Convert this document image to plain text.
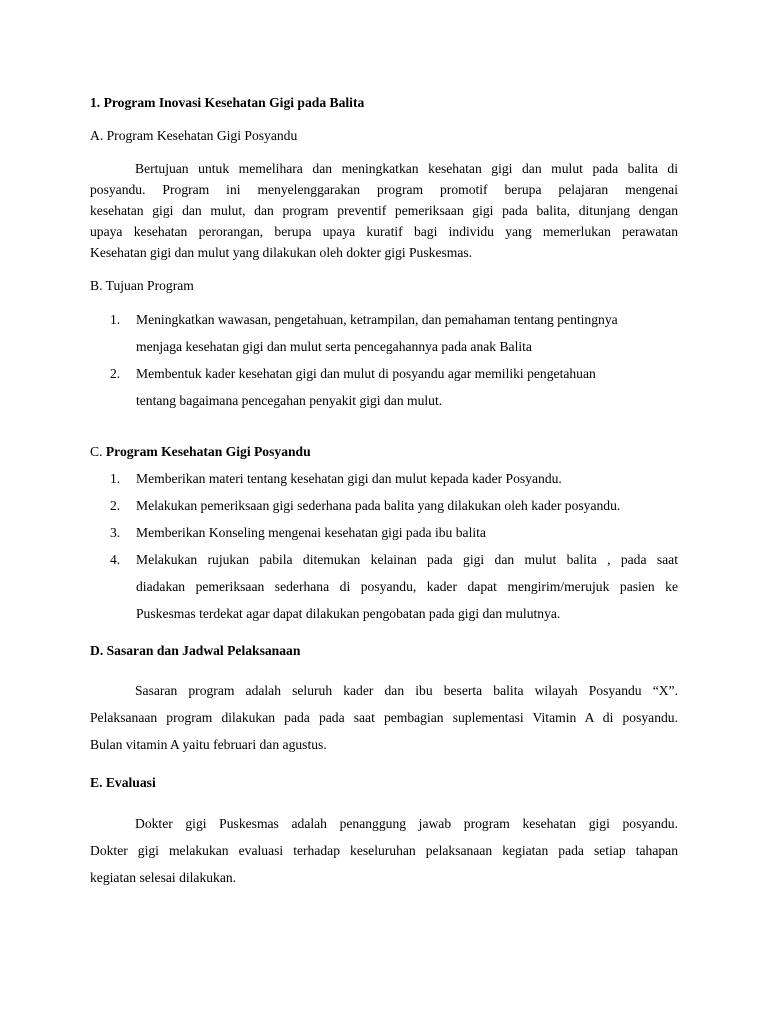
1. Program Inovasi Kesehatan Gigi pada Balita
A. Program Kesehatan Gigi Posyandu
Bertujuan untuk memelihara dan meningkatkan kesehatan gigi dan mulut pada balita di
posyandu. Program ini menyelenggarakan program promotif berupa pelajaran mengenai
kesehatan gigi dan mulut, dan program preventif pemeriksaan gigi pada balita, ditunjang dengan
upaya kesehatan perorangan, berupa upaya kuratif bagi individu yang memerlukan perawatan
Kesehatan gigi dan mulut yang dilakukan oleh dokter gigi Puskesmas.
B. Tujuan Program
1. Meningkatkan wawasan, pengetahuan, ketrampilan, dan pemahaman tentang pentingnya
menjaga kesehatan gigi dan mulut serta pencegahannya pada anak Balita
2. Membentuk kader kesehatan gigi dan mulut di posyandu agar memiliki pengetahuan
tentang bagaimana pencegahan penyakit gigi dan mulut.
C. Program Kesehatan Gigi Posyandu
1. Memberikan materi tentang kesehatan gigi dan mulut kepada kader Posyandu.
2. Melakukan pemeriksaan gigi sederhana pada balita yang dilakukan oleh kader posyandu.
3. Memberikan Konseling mengenai kesehatan gigi pada ibu balita
4. Melakukan rujukan pabila ditemukan kelainan pada gigi dan mulut balita , pada saat
diadakan pemeriksaan sederhana di posyandu, kader dapat mengirim/merujuk pasien ke
Puskesmas terdekat agar dapat dilakukan pengobatan pada gigi dan mulutnya.
D. Sasaran dan Jadwal Pelaksanaan
Sasaran program adalah seluruh kader dan ibu beserta balita wilayah Posyandu “X”.
Pelaksanaan program dilakukan pada pada saat pembagian suplementasi Vitamin A di posyandu.
Bulan vitamin A yaitu februari dan agustus.
E. Evaluasi
Dokter gigi Puskesmas adalah penanggung jawab program kesehatan gigi posyandu.
Dokter gigi melakukan evaluasi terhadap keseluruhan pelaksanaan kegiatan pada setiap tahapan
kegiatan selesai dilakukan.
